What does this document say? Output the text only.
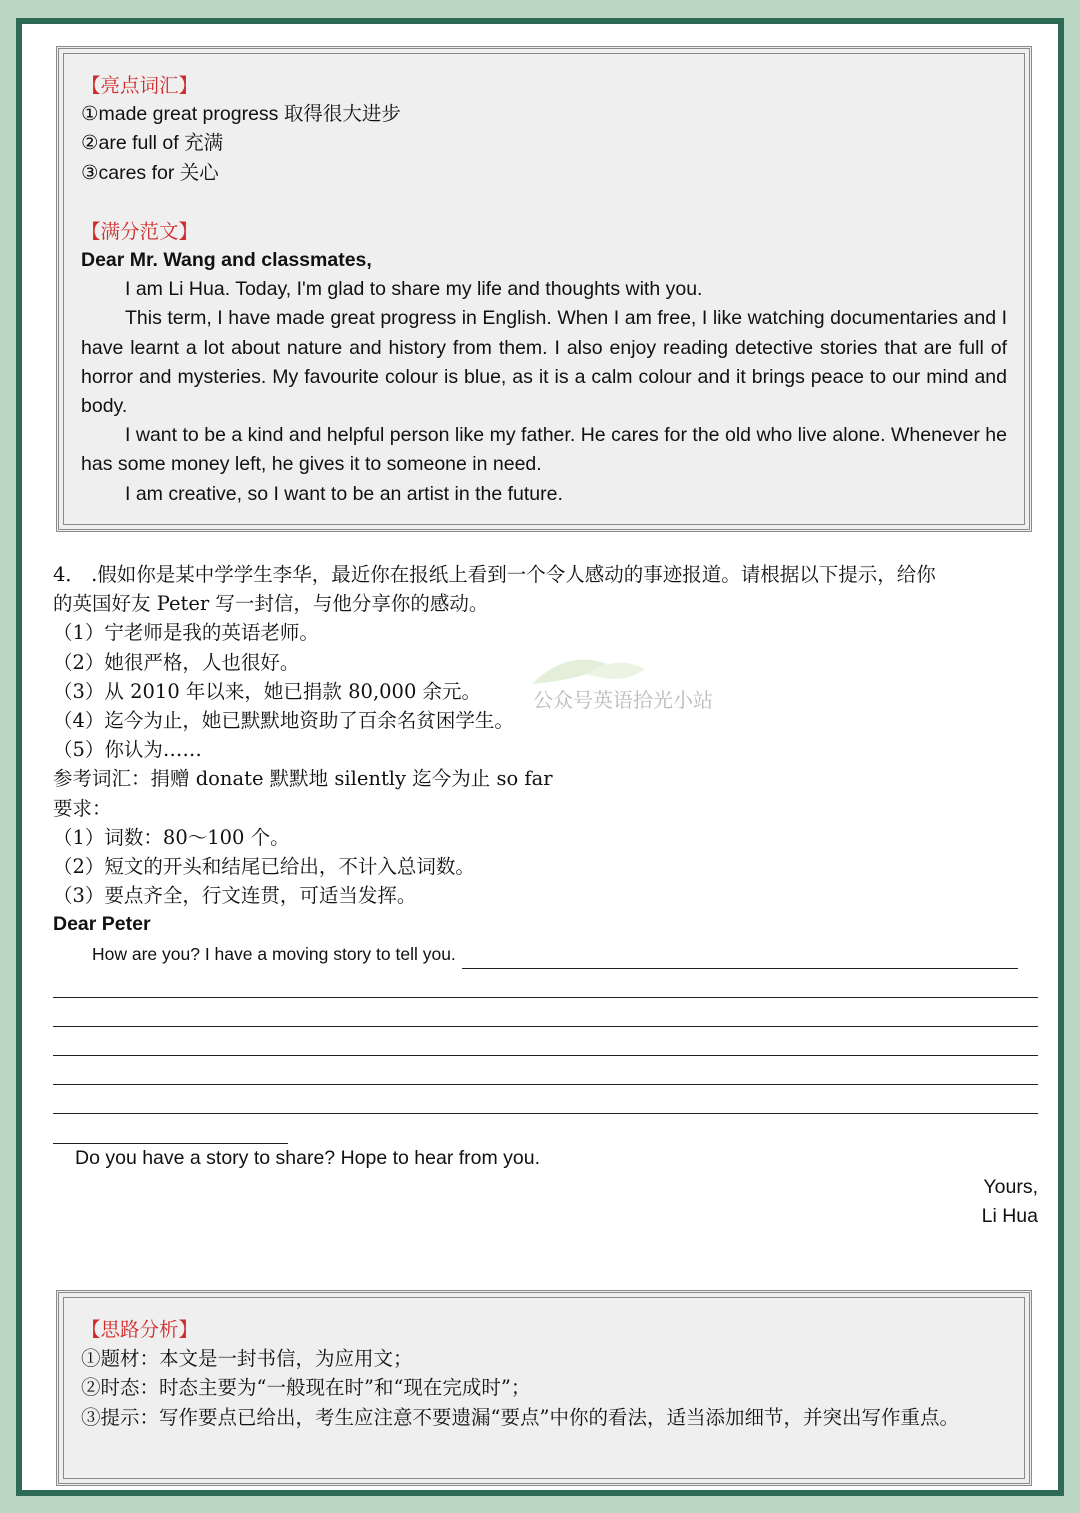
【亮点词汇】
①made great progress 取得很大进步
②are full of 充满
③cares for 关心
【满分范文】
Dear Mr. Wang and classmates,
I am Li Hua. Today, I'm glad to share my life and thoughts with you.
This term, I have made great progress in English. When I am free, I like watching documentaries and I have learnt a lot about nature and history from them. I also enjoy reading detective stories that are full of horror and mysteries. My favourite colour is blue, as it is a calm colour and it brings peace to our mind and body.
I want to be a kind and helpful person like my father. He cares for the old who live alone. Whenever he has some money left, he gives it to someone in need.
I am creative, so I want to be an artist in the future.
公众号英语拾光小站
4． .假如你是某中学学生李华，最近你在报纸上看到一个令人感动的事迹报道。请根据以下提示，给你
的英国好友 Peter 写一封信，与他分享你的感动。
（1）宁老师是我的英语老师。
（2）她很严格，人也很好。
（3）从 2010 年以来，她已捐款 80,000 余元。
（4）迄今为止，她已默默地资助了百余名贫困学生。
（5）你认为……
参考词汇：捐赠 donate 默默地 silently 迄今为止 so far
要求：
（1）词数：80～100 个。
（2）短文的开头和结尾已给出，不计入总词数。
（3）要点齐全，行文连贯，可适当发挥。
Dear Peter
How are you? I have a moving story to tell you.
Do you have a story to share? Hope to hear from you.
Yours,
Li Hua
【思路分析】
①题材：本文是一封书信，为应用文；
②时态：时态主要为“一般现在时”和“现在完成时”；
③提示：写作要点已给出，考生应注意不要遗漏“要点”中你的看法，适当添加细节，并突出写作重点。
